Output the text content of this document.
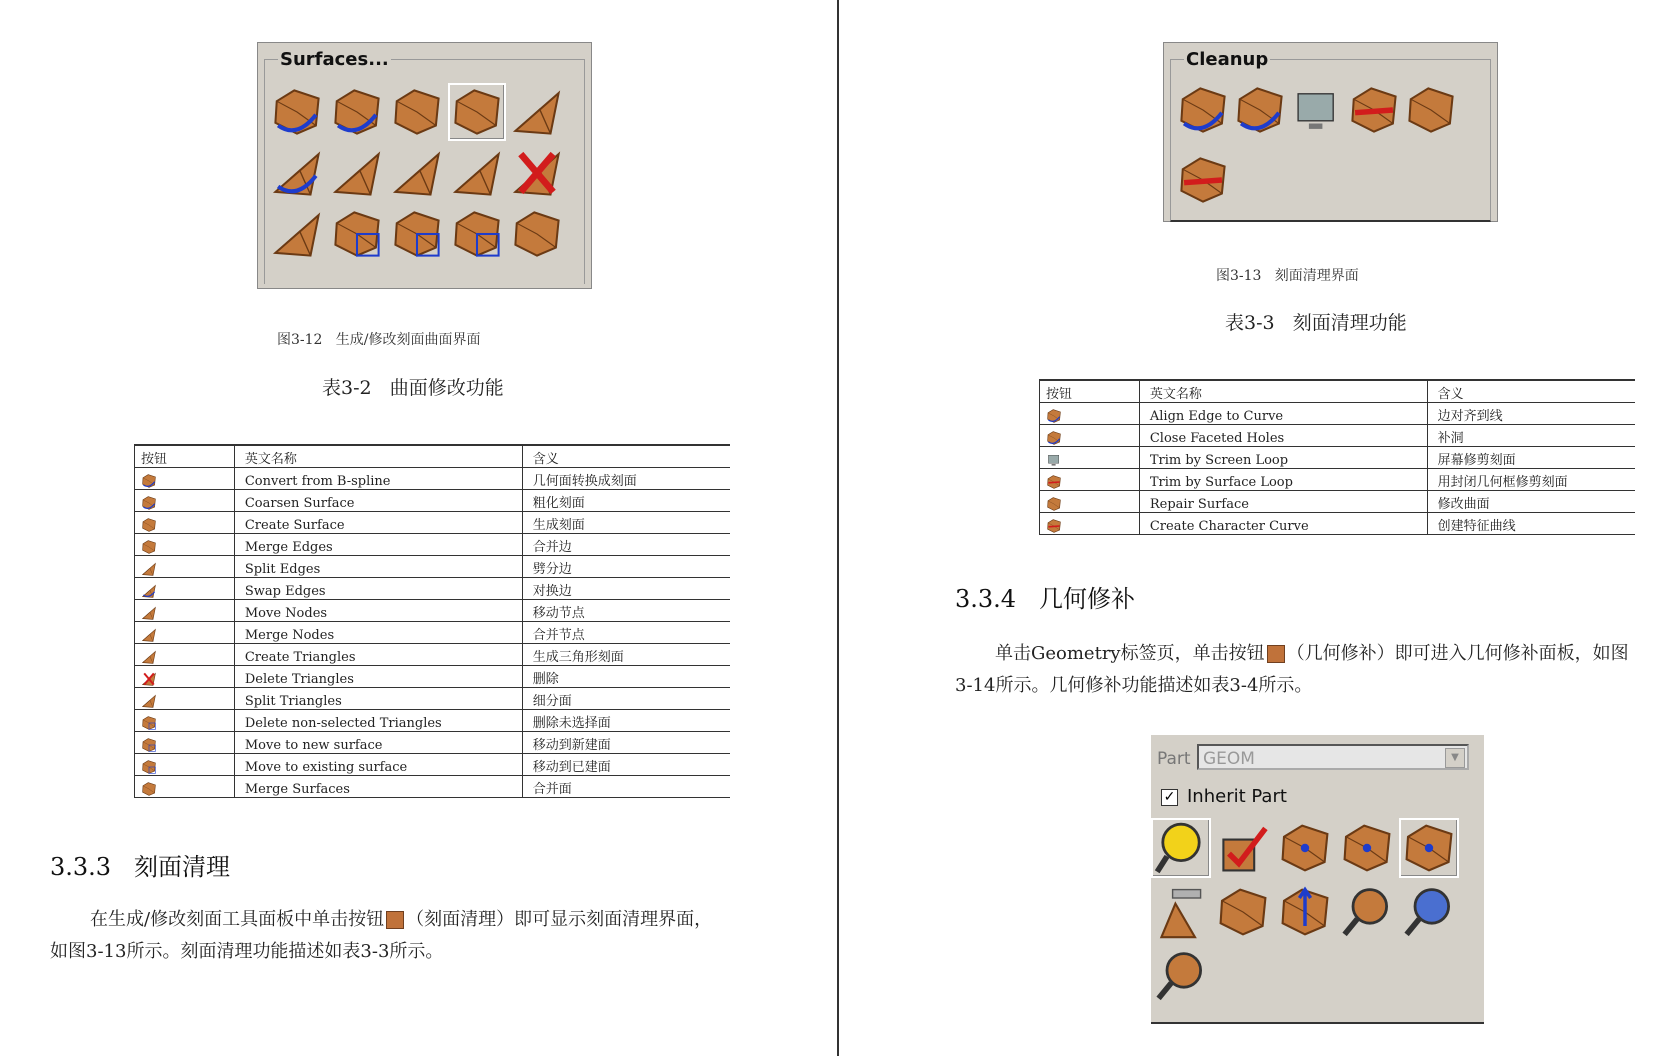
Surfaces...
图3-12   生成/修改刻面曲面界面
表3-2   曲面修改功能
按钮	英文名称	含义
	Convert from B-spline	几何面转换成刻面
	Coarsen Surface	粗化刻面
	Create Surface	生成刻面
	Merge Edges	合并边
	Split Edges	劈分边
	Swap Edges	对换边
	Move Nodes	移动节点
	Merge Nodes	合并节点
	Create Triangles	生成三角形刻面
	Delete Triangles	删除
	Split Triangles	细分面
	Delete non-selected Triangles	删除未选择面
	Move to new surface	移动到新建面
	Move to existing surface	移动到已建面
	Merge Surfaces	合并面
3.3.3   刻面清理
在生成/修改刻面工具面板中单击按钮 （刻面清理）即可显示刻面清理界面，如图3-13所示。刻面清理功能描述如表3-3所示。
Cleanup
图3-13   刻面清理界面
表3-3   刻面清理功能
按钮	英文名称	含义
	Align Edge to Curve	边对齐到线
	Close Faceted Holes	补洞
	Trim by Screen Loop	屏幕修剪刻面
	Trim by Surface Loop	用封闭几何框修剪刻面
	Repair Surface	修改曲面
	Create Character Curve	创建特征曲线
3.3.4   几何修补
单击Geometry标签页，单击按钮 （几何修补）即可进入几何修补面板，如图3-14所示。几何修补功能描述如表3-4所示。
Part GEOM	▼
✓ Inherit Part
